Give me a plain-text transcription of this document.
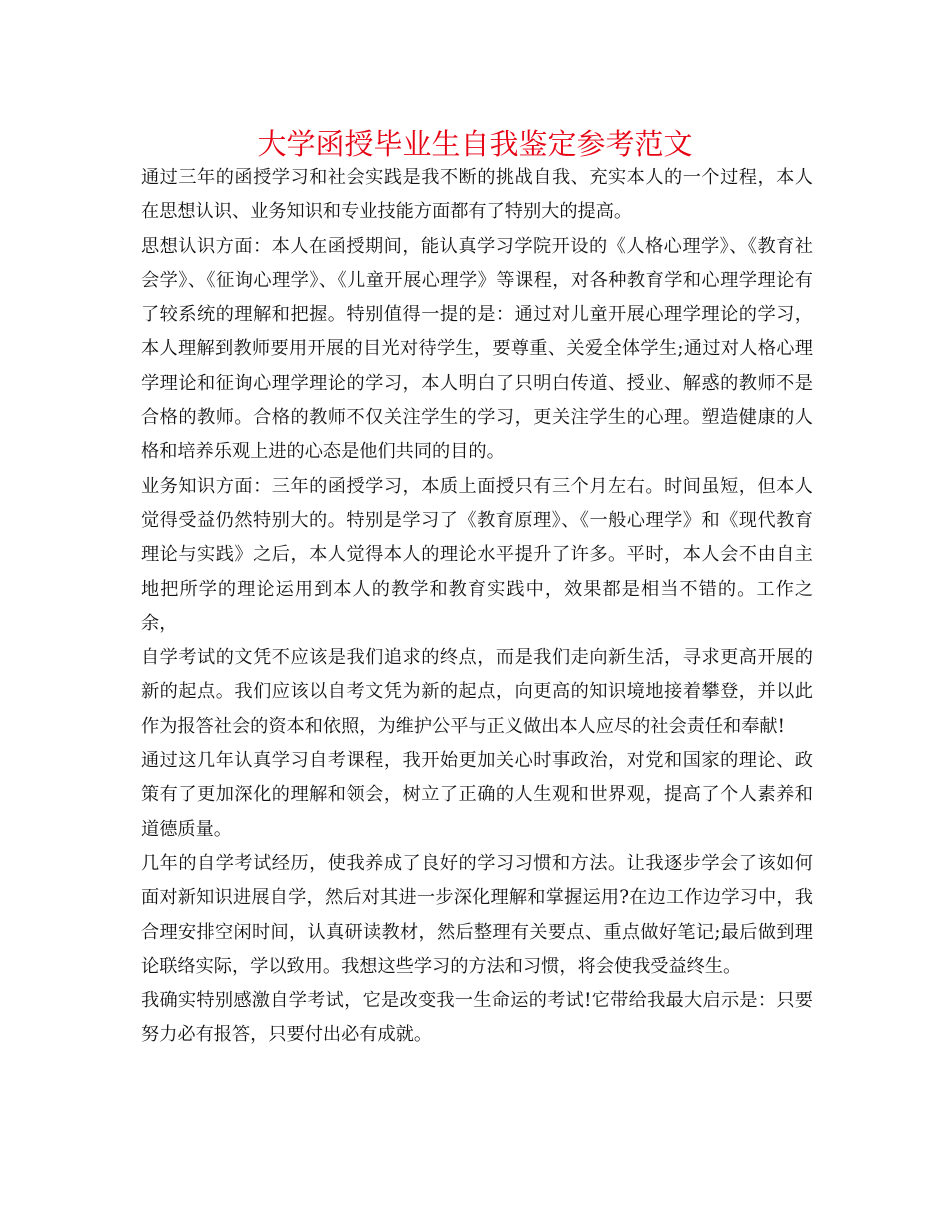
大学函授毕业生自我鉴定参考范文

通过三年的函授学习和社会实践是我不断的挑战自我、充实本人的一个过程，本人在思想认识、业务知识和专业技能方面都有了特别大的提高。

思想认识方面：本人在函授期间，能认真学习学院开设的《人格心理学》、《教育社会学》、《征询心理学》、《儿童开展心理学》等课程，对各种教育学和心理学理论有了较系统的理解和把握。特别值得一提的是：通过对儿童开展心理学理论的学习，本人理解到教师要用开展的目光对待学生，要尊重、关爱全体学生;通过对人格心理学理论和征询心理学理论的学习，本人明白了只明白传道、授业、解惑的教师不是合格的教师。合格的教师不仅关注学生的学习，更关注学生的心理。塑造健康的人格和培养乐观上进的心态是他们共同的目的。

业务知识方面：三年的函授学习，本质上面授只有三个月左右。时间虽短，但本人觉得受益仍然特别大的。特别是学习了《教育原理》、《一般心理学》和《现代教育理论与实践》之后，本人觉得本人的理论水平提升了许多。平时，本人会不由自主地把所学的理论运用到本人的教学和教育实践中，效果都是相当不错的。工作之余，

自学考试的文凭不应该是我们追求的终点，而是我们走向新生活，寻求更高开展的新的起点。我们应该以自考文凭为新的起点，向更高的知识境地接着攀登，并以此作为报答社会的资本和依照，为维护公平与正义做出本人应尽的社会责任和奉献!

通过这几年认真学习自考课程，我开始更加关心时事政治，对党和国家的理论、政策有了更加深化的理解和领会，树立了正确的人生观和世界观，提高了个人素养和道德质量。

几年的自学考试经历，使我养成了良好的学习习惯和方法。让我逐步学会了该如何面对新知识进展自学，然后对其进一步深化理解和掌握运用?在边工作边学习中，我合理安排空闲时间，认真研读教材，然后整理有关要点、重点做好笔记;最后做到理论联络实际，学以致用。我想这些学习的方法和习惯，将会使我受益终生。

我确实特别感激自学考试，它是改变我一生命运的考试!它带给我最大启示是：只要努力必有报答，只要付出必有成就。
